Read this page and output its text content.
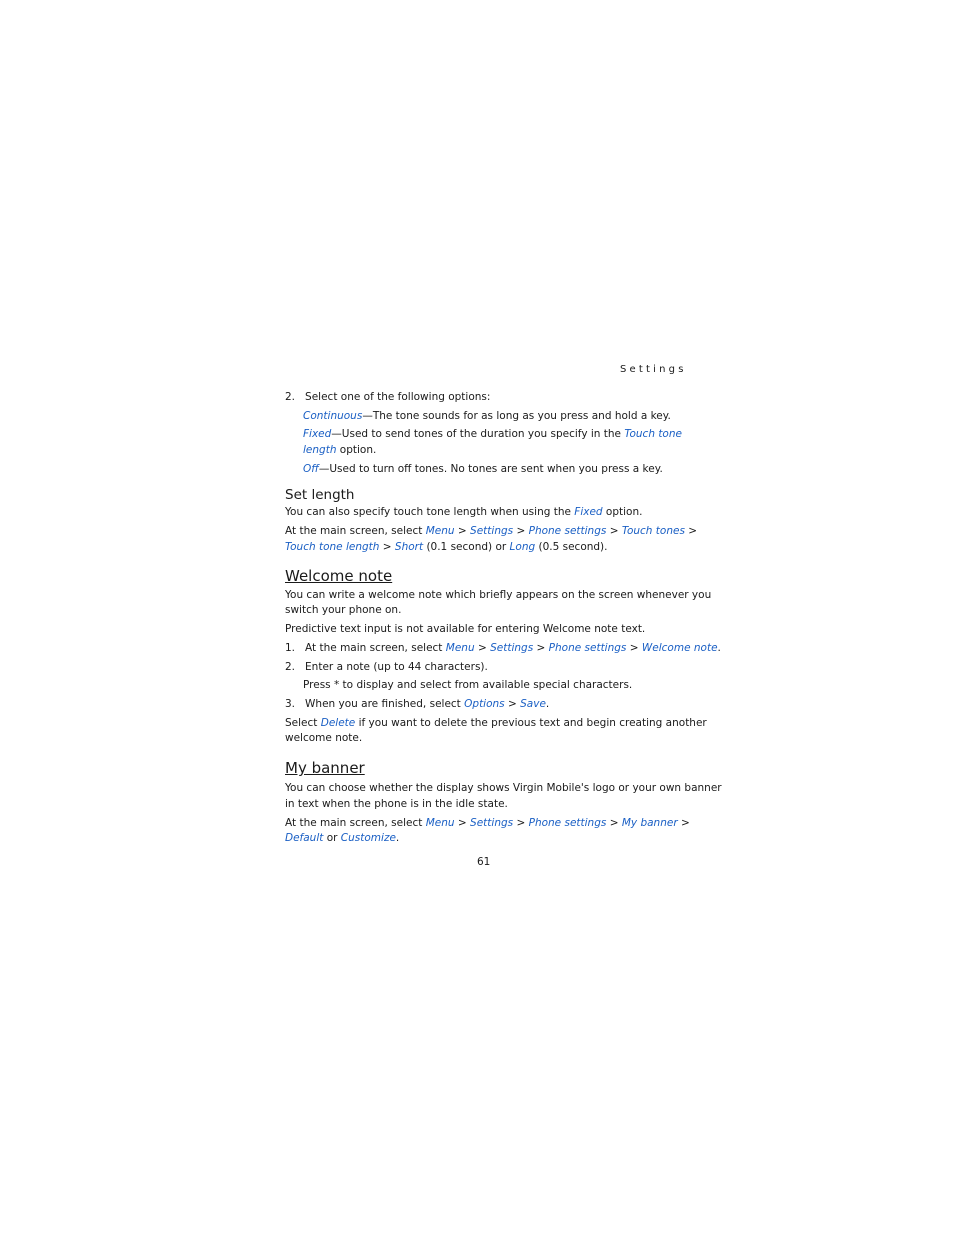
Settings
2. Select one of the following options:
Continuous—The tone sounds for as long as you press and hold a key.
Fixed—Used to send tones of the duration you specify in the Touch tone
length option.
Off—Used to turn off tones. No tones are sent when you press a key.
Set length
You can also specify touch tone length when using the Fixed option.
At the main screen, select Menu > Settings > Phone settings > Touch tones >
Touch tone length > Short (0.1 second) or Long (0.5 second).
Welcome note
You can write a welcome note which briefly appears on the screen whenever you
switch your phone on.
Predictive text input is not available for entering Welcome note text.
1. At the main screen, select Menu > Settings > Phone settings > Welcome note.
2. Enter a note (up to 44 characters).
Press * to display and select from available special characters.
3. When you are finished, select Options > Save.
Select Delete if you want to delete the previous text and begin creating another
welcome note.
My banner
You can choose whether the display shows Virgin Mobile's logo or your own banner
in text when the phone is in the idle state.
At the main screen, select Menu > Settings > Phone settings > My banner >
Default or Customize.
61
